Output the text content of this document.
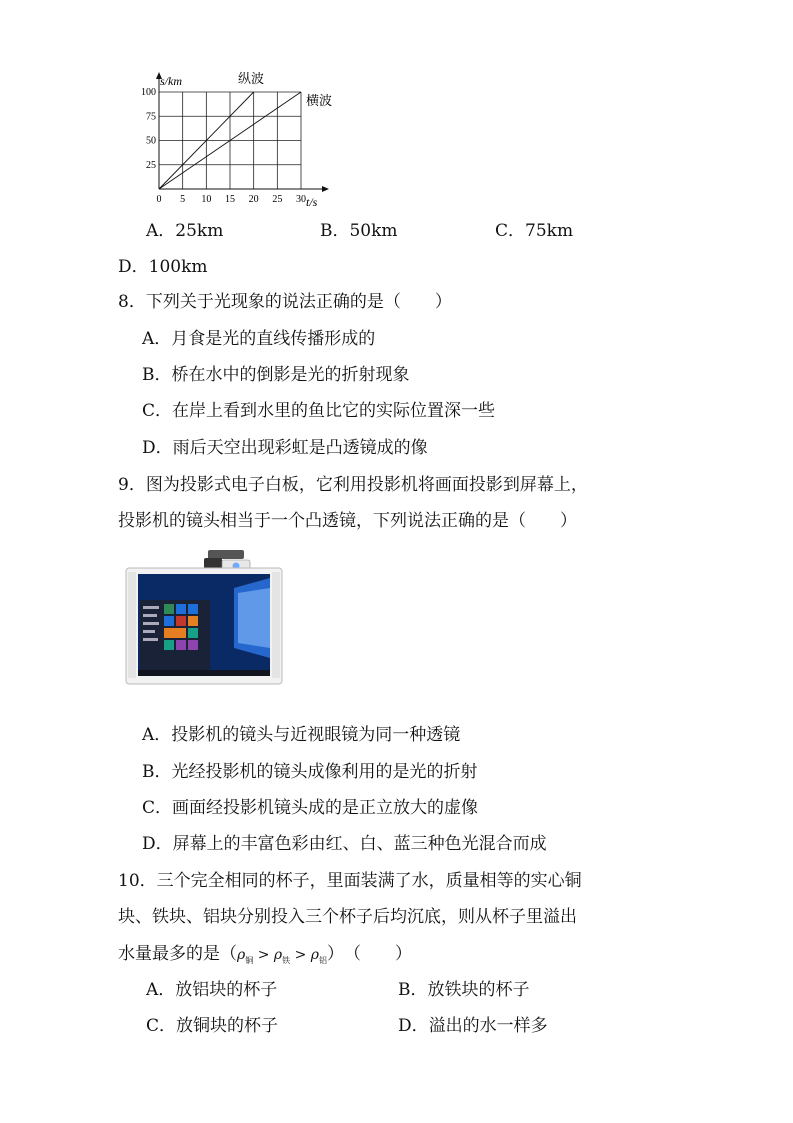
0 5 10 15 20 25 30
25
50
75
100
s/km
t/s
纵波
横波
A．25km	B．50km	C．75km
D．100km
8．下列关于光现象的说法正确的是（　　）
A．月食是光的直线传播形成的
B．桥在水中的倒影是光的折射现象
C．在岸上看到水里的鱼比它的实际位置深一些
D．雨后天空出现彩虹是凸透镜成的像
9．图为投影式电子白板，它利用投影机将画面投影到屏幕上，
投影机的镜头相当于一个凸透镜，下列说法正确的是（　　）
A．投影机的镜头与近视眼镜为同一种透镜
B．光经投影机的镜头成像利用的是光的折射
C．画面经投影机镜头成的是正立放大的虚像
D．屏幕上的丰富色彩由红、白、蓝三种色光混合而成
10．三个完全相同的杯子，里面装满了水，质量相等的实心铜
块、铁块、铝块分别投入三个杯子后均沉底，则从杯子里溢出
水量最多的是$(\rho_铜 > \rho_铁 > \rho_铝)$　（　　）
A．放铝块的杯子	B．放铁块的杯子
C．放铜块的杯子	D．溢出的水一样多
